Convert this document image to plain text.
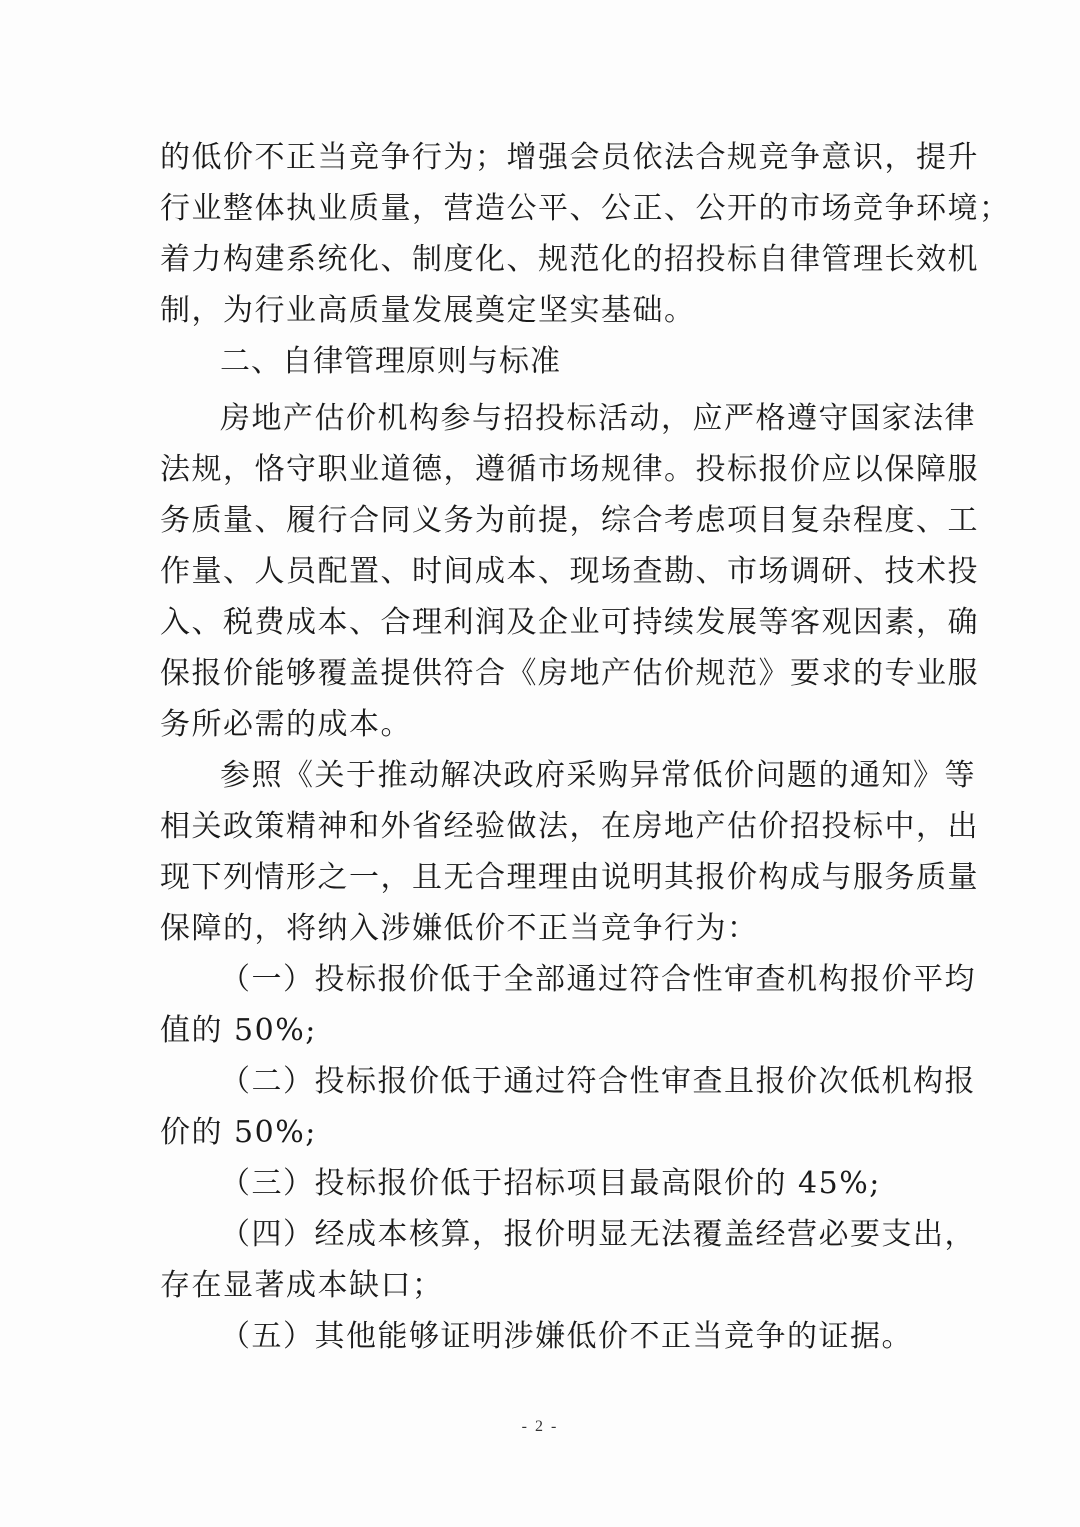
的低价不正当竞争行为；增强会员依法合规竞争意识，提升
行业整体执业质量，营造公平、公正、公开的市场竞争环境；
着力构建系统化、制度化、规范化的招投标自律管理长效机
制，为行业高质量发展奠定坚实基础。
二、自律管理原则与标准
房地产估价机构参与招投标活动，应严格遵守国家法律
法规，恪守职业道德，遵循市场规律。投标报价应以保障服
务质量、履行合同义务为前提，综合考虑项目复杂程度、工
作量、人员配置、时间成本、现场查勘、市场调研、技术投
入、税费成本、合理利润及企业可持续发展等客观因素，确
保报价能够覆盖提供符合《房地产估价规范》要求的专业服
务所必需的成本。
参照《关于推动解决政府采购异常低价问题的通知》等
相关政策精神和外省经验做法，在房地产估价招投标中，出
现下列情形之一，且无合理理由说明其报价构成与服务质量
保障的，将纳入涉嫌低价不正当竞争行为：
（一）投标报价低于全部通过符合性审查机构报价平均
值的 50%;
（二）投标报价低于通过符合性审查且报价次低机构报
价的 50%;
（三）投标报价低于招标项目最高限价的 45%;
（四）经成本核算，报价明显无法覆盖经营必要支出，
存在显著成本缺口；
（五）其他能够证明涉嫌低价不正当竞争的证据。
- 2 -
